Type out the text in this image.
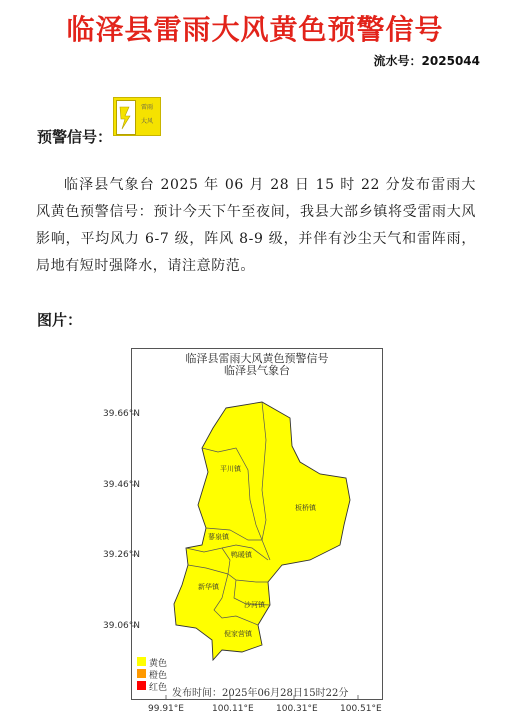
临泽县雷雨大风黄色预警信号
流水号：2025044
预警信号：
雷雨
大风
临泽县气象台 2025 年 06 月 28 日 15 时 22 分发布雷雨大风黄色预警信号：预计今天下午至夜间，我县大部乡镇将受雷雨大风影响，平均风力 6-7 级，阵风 8-9 级，并伴有沙尘天气和雷阵雨，局地有短时强降水，请注意防范。
图片：
临泽县雷雨大风黄色预警信号
临泽县气象台
39.66°N
39.46°N
39.26°N
39.06°N
99.91°E	100.11°E 100.31°E 100.51°E
平川镇
板桥镇
蓼泉镇
鸭暖镇
新华镇
沙河镇
倪家营镇
黄色
橙色
红色 发布时间：2025年06月28日15时22分
